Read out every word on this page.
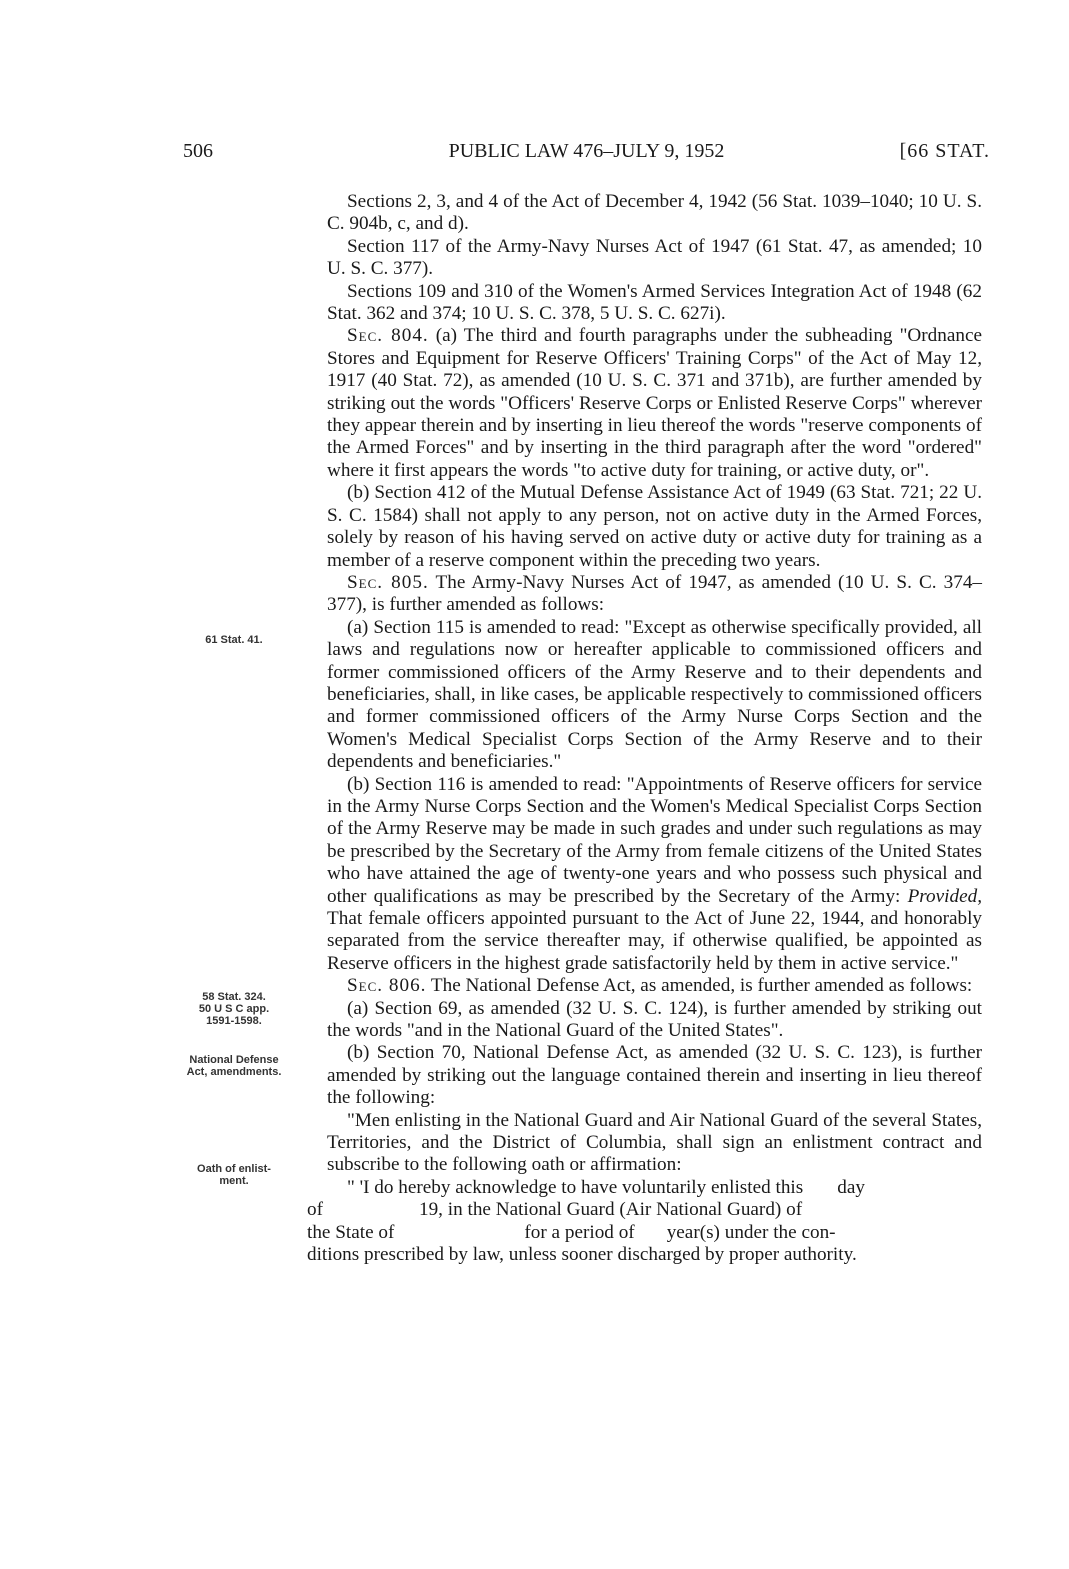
506	PUBLIC LAW 476–JULY 9, 1952	[66 STAT.
61 Stat. 41.
58 Stat. 324.
50 U S C app.
1591-1598.
National Defense
Act, amendments.
Oath of enlist-
ment.

Sections 2, 3, and 4 of the Act of December 4, 1942 (56 Stat. 1039–1040; 10 U. S. C. 904b, c, and d).

Section 117 of the Army-Navy Nurses Act of 1947 (61 Stat. 47, as amended; 10 U. S. C. 377).

Sections 109 and 310 of the Women's Armed Services Integration Act of 1948 (62 Stat. 362 and 374; 10 U. S. C. 378, 5 U. S. C. 627i).

Sec. 804. (a) The third and fourth paragraphs under the subheading "Ordnance Stores and Equipment for Reserve Officers' Training Corps" of the Act of May 12, 1917 (40 Stat. 72), as amended (10 U. S. C. 371 and 371b), are further amended by striking out the words "Officers' Reserve Corps or Enlisted Reserve Corps" wherever they appear therein and by inserting in lieu thereof the words "reserve components of the Armed Forces" and by inserting in the third paragraph after the word "ordered" where it first appears the words "to active duty for training, or active duty, or".

(b) Section 412 of the Mutual Defense Assistance Act of 1949 (63 Stat. 721; 22 U. S. C. 1584) shall not apply to any person, not on active duty in the Armed Forces, solely by reason of his having served on active duty or active duty for training as a member of a reserve component within the preceding two years.

Sec. 805. The Army-Navy Nurses Act of 1947, as amended (10 U. S. C. 374–377), is further amended as follows:

(a) Section 115 is amended to read: "Except as otherwise specifically provided, all laws and regulations now or hereafter applicable to commissioned officers and former commissioned officers of the Army Reserve and to their dependents and beneficiaries, shall, in like cases, be applicable respectively to commissioned officers and former commissioned officers of the Army Nurse Corps Section and the Women's Medical Specialist Corps Section of the Army Reserve and to their dependents and beneficiaries."

(b) Section 116 is amended to read: "Appointments of Reserve officers for service in the Army Nurse Corps Section and the Women's Medical Specialist Corps Section of the Army Reserve may be made in such grades and under such regulations as may be prescribed by the Secretary of the Army from female citizens of the United States who have attained the age of twenty-one years and who possess such physical and other qualifications as may be prescribed by the Secretary of the Army: Provided, That female officers appointed pursuant to the Act of June 22, 1944, and honorably separated from the service thereafter may, if otherwise qualified, be appointed as Reserve officers in the highest grade satisfactorily held by them in active service."

Sec. 806. The National Defense Act, as amended, is further amended as follows:

(a) Section 69, as amended (32 U. S. C. 124), is further amended by striking out the words "and in the National Guard of the United States".

(b) Section 70, National Defense Act, as amended (32 U. S. C. 123), is further amended by striking out the language contained therein and inserting in lieu thereof the following:

"Men enlisting in the National Guard and Air National Guard of the several States, Territories, and the District of Columbia, shall sign an enlistment contract and subscribe to the following oath or affirmation:

" 'I do hereby acknowledge to have voluntarily enlisted this day
of	19, in the National Guard (Air National Guard) of
the State of	for a period of year(s) under the con-
ditions prescribed by law, unless sooner discharged by proper authority.
